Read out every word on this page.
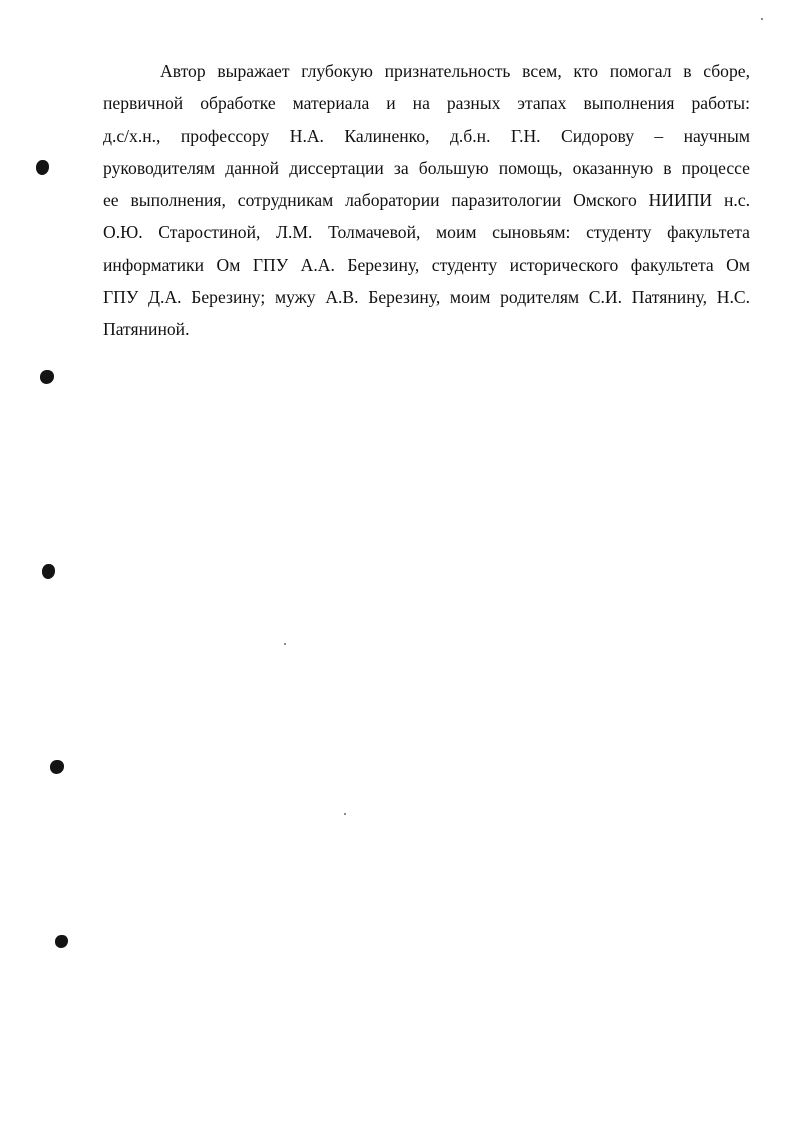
Автор выражает глубокую признательность всем, кто помогал в сборе,
первичной обработке материала и на разных этапах выполнения работы:
д.с/х.н., профессору Н.А. Калиненко, д.б.н. Г.Н. Сидорову – научным
руководителям данной диссертации за большую помощь, оказанную в процессе
ее выполнения, сотрудникам лаборатории паразитологии Омского НИИПИ н.с.
О.Ю. Старостиной, Л.М. Толмачевой, моим сыновьям: студенту факультета
информатики Ом ГПУ А.А. Березину, студенту исторического факультета Ом
ГПУ Д.А. Березину; мужу А.В. Березину, моим родителям С.И. Патянину, Н.С.
Патяниной.
